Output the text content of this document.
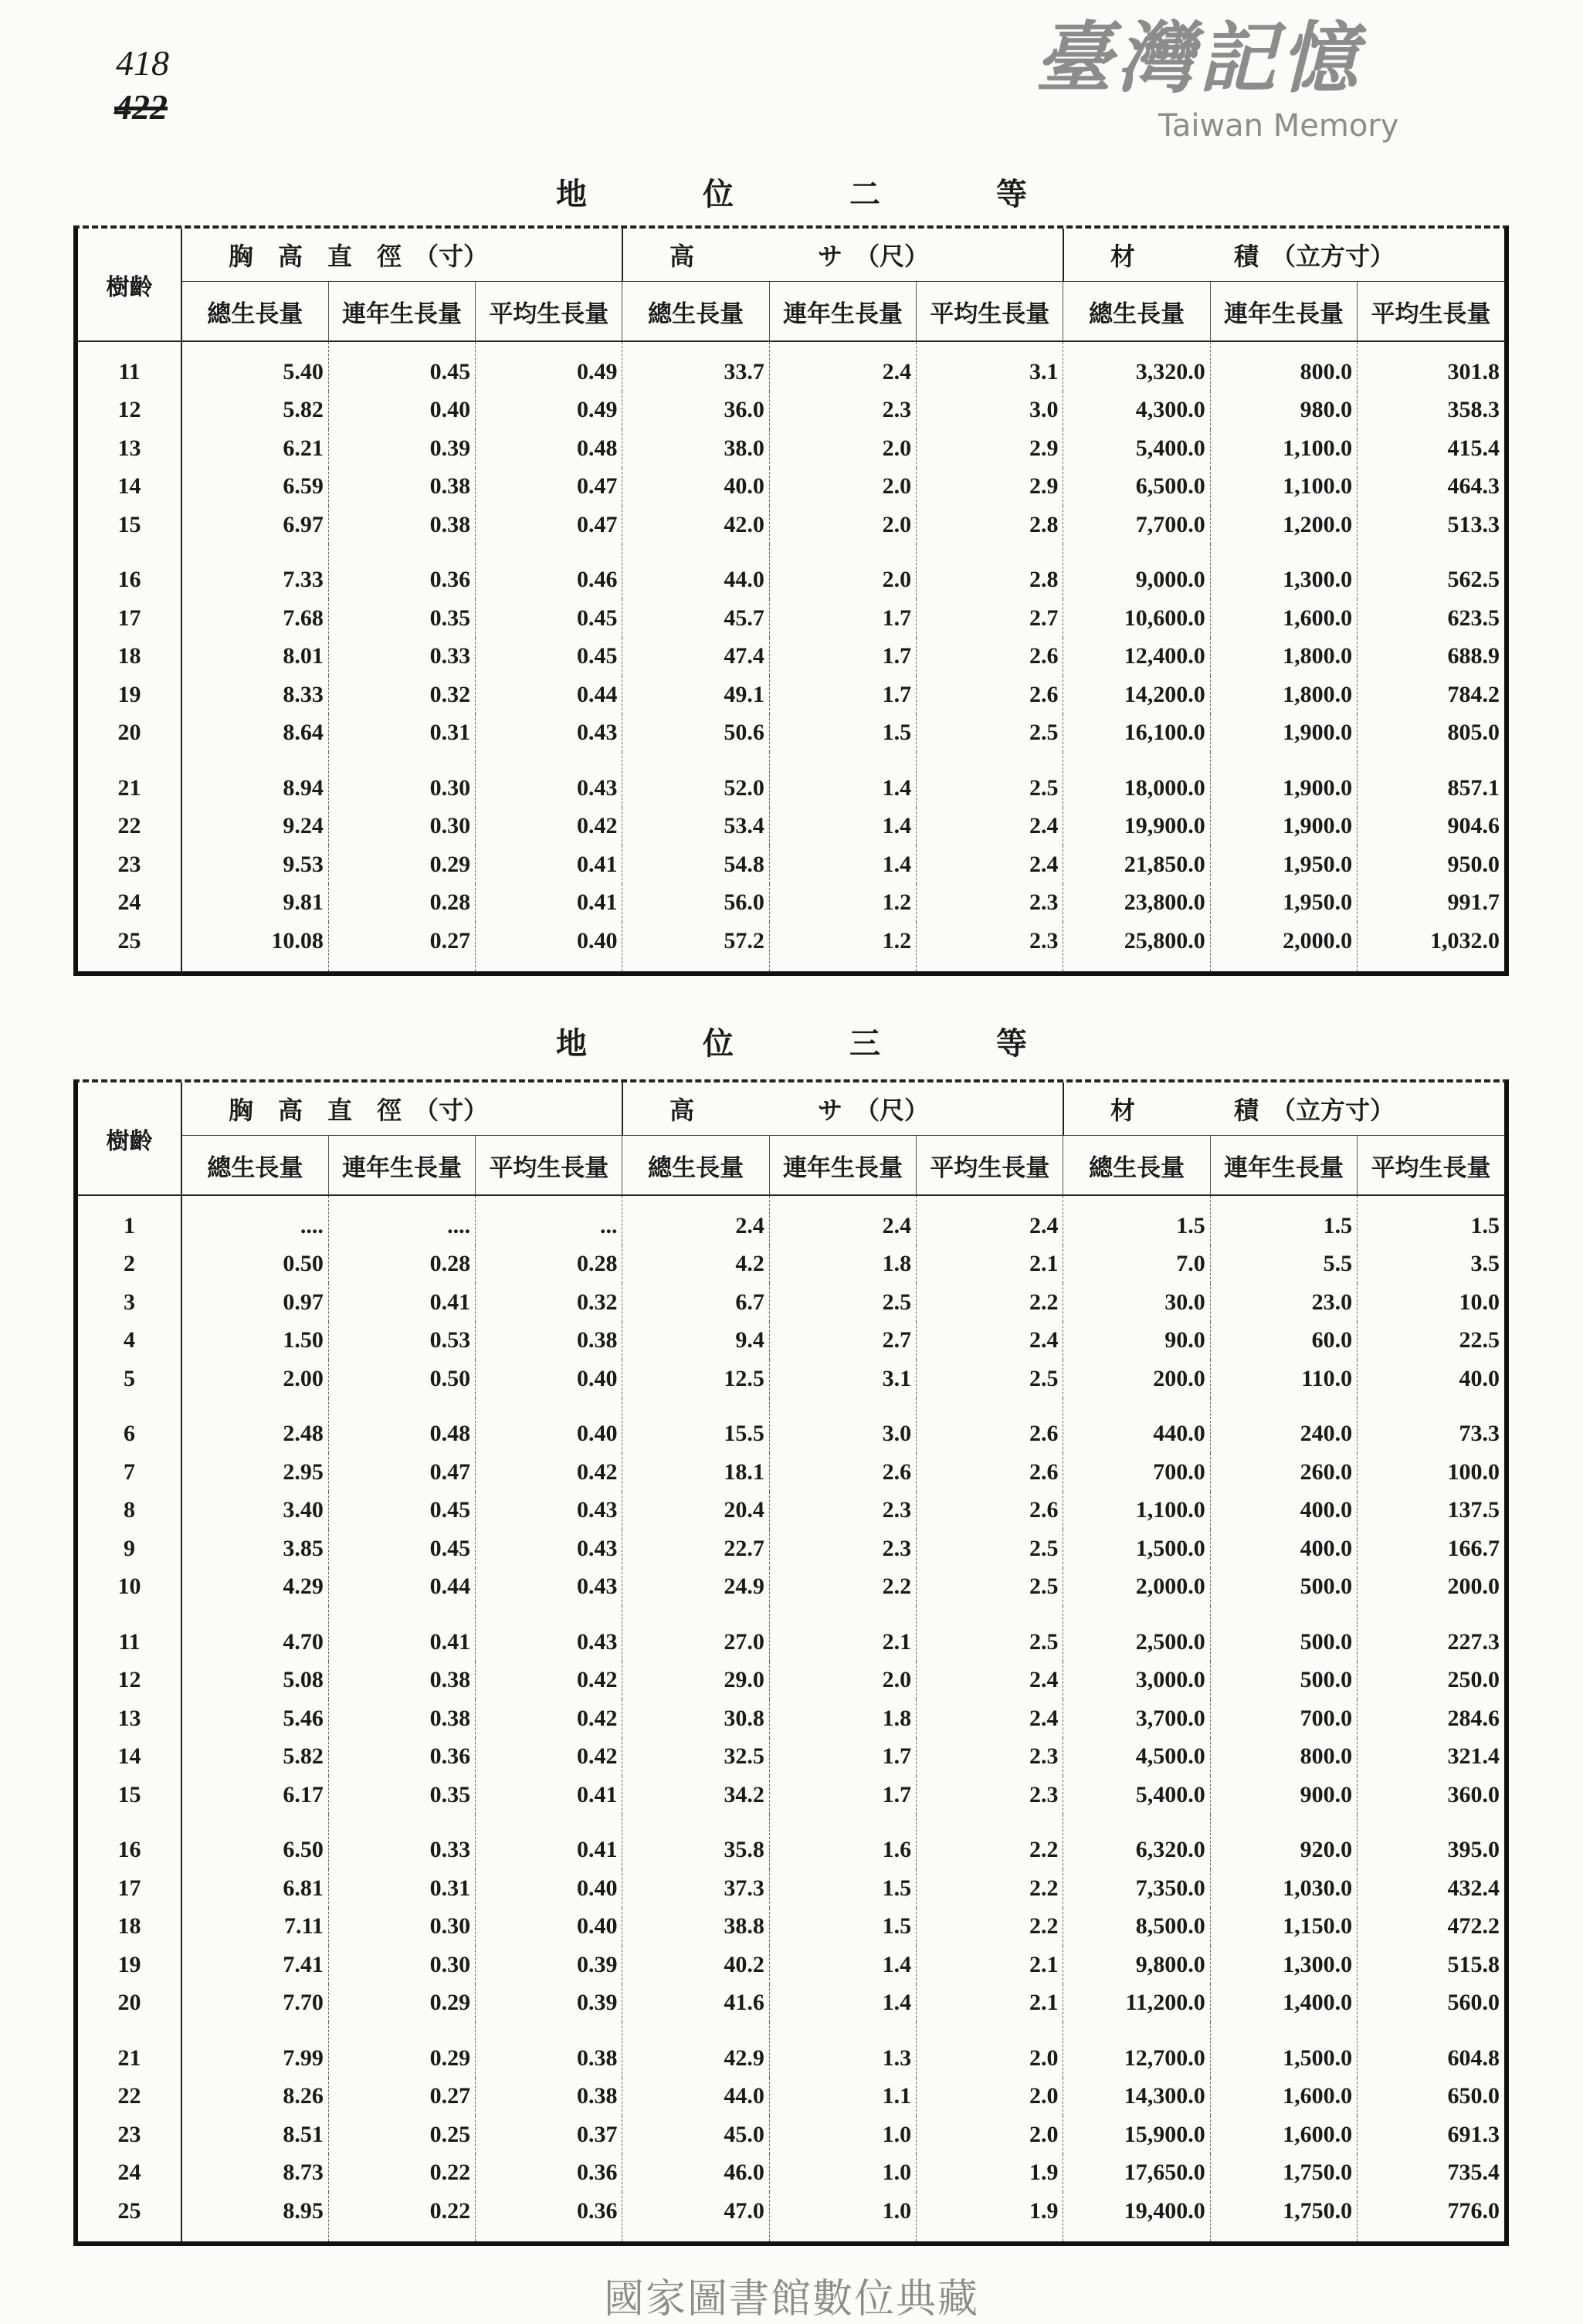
418
422
臺灣記憶
Taiwan Memory
地	位	二	等
樹齡	胸　高　直　徑　（寸）			高　　　　　サ　（尺）			材　　　　積　（立方寸）		
	總生長量	連年生長量	平均生長量	總生長量	連年生長量	平均生長量	總生長量	連年生長量	平均生長量
11	5.40	0.45	0.49	33.7	2.4	3.1	3,320.0	800.0	301.8
12	5.82	0.40	0.49	36.0	2.3	3.0	4,300.0	980.0	358.3
13	6.21	0.39	0.48	38.0	2.0	2.9	5,400.0	1,100.0	415.4
14	6.59	0.38	0.47	40.0	2.0	2.9	6,500.0	1,100.0	464.3
15	6.97	0.38	0.47	42.0	2.0	2.8	7,700.0	1,200.0	513.3
16	7.33	0.36	0.46	44.0	2.0	2.8	9,000.0	1,300.0	562.5
17	7.68	0.35	0.45	45.7	1.7	2.7	10,600.0	1,600.0	623.5
18	8.01	0.33	0.45	47.4	1.7	2.6	12,400.0	1,800.0	688.9
19	8.33	0.32	0.44	49.1	1.7	2.6	14,200.0	1,800.0	784.2
20	8.64	0.31	0.43	50.6	1.5	2.5	16,100.0	1,900.0	805.0
21	8.94	0.30	0.43	52.0	1.4	2.5	18,000.0	1,900.0	857.1
22	9.24	0.30	0.42	53.4	1.4	2.4	19,900.0	1,900.0	904.6
23	9.53	0.29	0.41	54.8	1.4	2.4	21,850.0	1,950.0	950.0
24	9.81	0.28	0.41	56.0	1.2	2.3	23,800.0	1,950.0	991.7
25	10.08	0.27	0.40	57.2	1.2	2.3	25,800.0	2,000.0	1,032.0
地	位	三	等
樹齡	胸　高　直　徑　（寸）			高　　　　　サ　（尺）			材　　　　積　（立方寸）		
	總生長量	連年生長量	平均生長量	總生長量	連年生長量	平均生長量	總生長量	連年生長量	平均生長量
1	....	....	...	2.4	2.4	2.4	1.5	1.5	1.5
2	0.50	0.28	0.28	4.2	1.8	2.1	7.0	5.5	3.5
3	0.97	0.41	0.32	6.7	2.5	2.2	30.0	23.0	10.0
4	1.50	0.53	0.38	9.4	2.7	2.4	90.0	60.0	22.5
5	2.00	0.50	0.40	12.5	3.1	2.5	200.0	110.0	40.0
6	2.48	0.48	0.40	15.5	3.0	2.6	440.0	240.0	73.3
7	2.95	0.47	0.42	18.1	2.6	2.6	700.0	260.0	100.0
8	3.40	0.45	0.43	20.4	2.3	2.6	1,100.0	400.0	137.5
9	3.85	0.45	0.43	22.7	2.3	2.5	1,500.0	400.0	166.7
10	4.29	0.44	0.43	24.9	2.2	2.5	2,000.0	500.0	200.0
11	4.70	0.41	0.43	27.0	2.1	2.5	2,500.0	500.0	227.3
12	5.08	0.38	0.42	29.0	2.0	2.4	3,000.0	500.0	250.0
13	5.46	0.38	0.42	30.8	1.8	2.4	3,700.0	700.0	284.6
14	5.82	0.36	0.42	32.5	1.7	2.3	4,500.0	800.0	321.4
15	6.17	0.35	0.41	34.2	1.7	2.3	5,400.0	900.0	360.0
16	6.50	0.33	0.41	35.8	1.6	2.2	6,320.0	920.0	395.0
17	6.81	0.31	0.40	37.3	1.5	2.2	7,350.0	1,030.0	432.4
18	7.11	0.30	0.40	38.8	1.5	2.2	8,500.0	1,150.0	472.2
19	7.41	0.30	0.39	40.2	1.4	2.1	9,800.0	1,300.0	515.8
20	7.70	0.29	0.39	41.6	1.4	2.1	11,200.0	1,400.0	560.0
21	7.99	0.29	0.38	42.9	1.3	2.0	12,700.0	1,500.0	604.8
22	8.26	0.27	0.38	44.0	1.1	2.0	14,300.0	1,600.0	650.0
23	8.51	0.25	0.37	45.0	1.0	2.0	15,900.0	1,600.0	691.3
24	8.73	0.22	0.36	46.0	1.0	1.9	17,650.0	1,750.0	735.4
25	8.95	0.22	0.36	47.0	1.0	1.9	19,400.0	1,750.0	776.0
國家圖書館數位典藏
